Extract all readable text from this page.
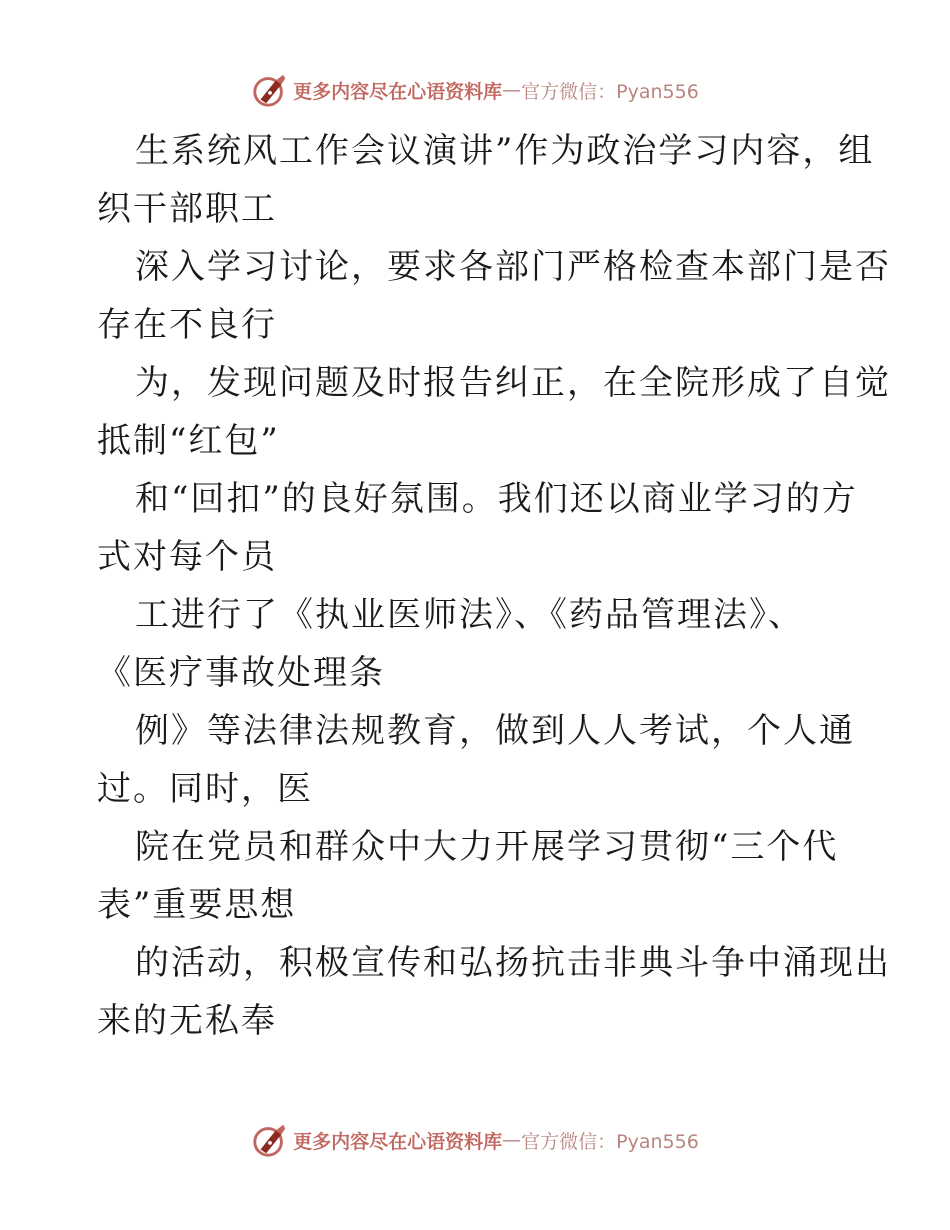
更多内容尽在心语资料库 — 官方微信：Pyan556
生系统风工作会议演讲”作为政治学习内容，组
织干部职工
深入学习讨论，要求各部门严格检查本部门是否
存在不良行
为，发现问题及时报告纠正，在全院形成了自觉
抵制“红包”
和“回扣”的良好氛围。我们还以商业学习的方
式对每个员
工进行了《执业医师法》、《药品管理法》、
《医疗事故处理条
例》等法律法规教育，做到人人考试，个人通
过。同时，医
院在党员和群众中大力开展学习贯彻“三个代
表”重要思想
的活动，积极宣传和弘扬抗击非典斗争中涌现出
来的无私奉
更多内容尽在心语资料库 — 官方微信：Pyan556
